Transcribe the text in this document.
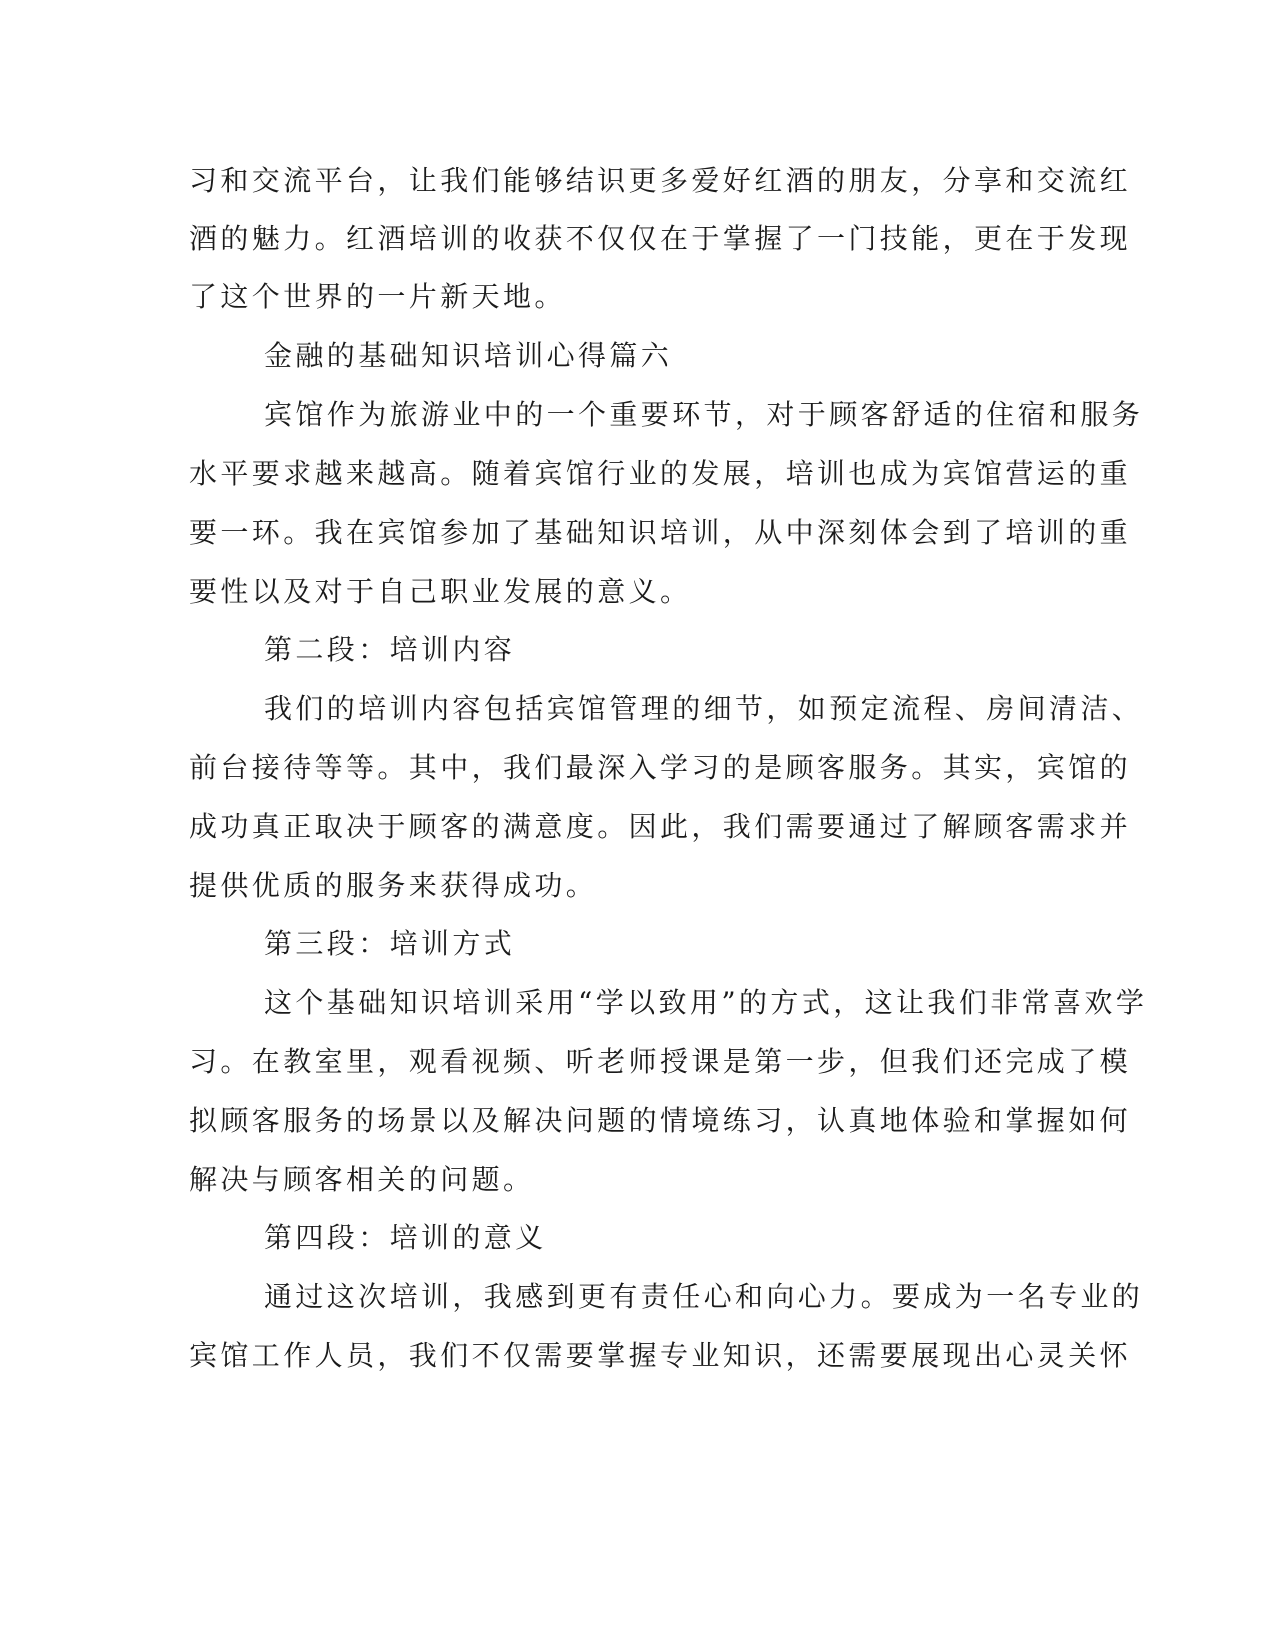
习和交流平台，让我们能够结识更多爱好红酒的朋友，分享和交流红
酒的魅力。红酒培训的收获不仅仅在于掌握了一门技能，更在于发现
了这个世界的一片新天地。
金融的基础知识培训心得篇六
宾馆作为旅游业中的一个重要环节，对于顾客舒适的住宿和服务
水平要求越来越高。随着宾馆行业的发展，培训也成为宾馆营运的重
要一环。我在宾馆参加了基础知识培训，从中深刻体会到了培训的重
要性以及对于自己职业发展的意义。
第二段：培训内容
我们的培训内容包括宾馆管理的细节，如预定流程、房间清洁、
前台接待等等。其中，我们最深入学习的是顾客服务。其实，宾馆的
成功真正取决于顾客的满意度。因此，我们需要通过了解顾客需求并
提供优质的服务来获得成功。
第三段：培训方式
这个基础知识培训采用“学以致用”的方式，这让我们非常喜欢学
习。在教室里，观看视频、听老师授课是第一步，但我们还完成了模
拟顾客服务的场景以及解决问题的情境练习，认真地体验和掌握如何
解决与顾客相关的问题。
第四段：培训的意义
通过这次培训，我感到更有责任心和向心力。要成为一名专业的
宾馆工作人员，我们不仅需要掌握专业知识，还需要展现出心灵关怀
